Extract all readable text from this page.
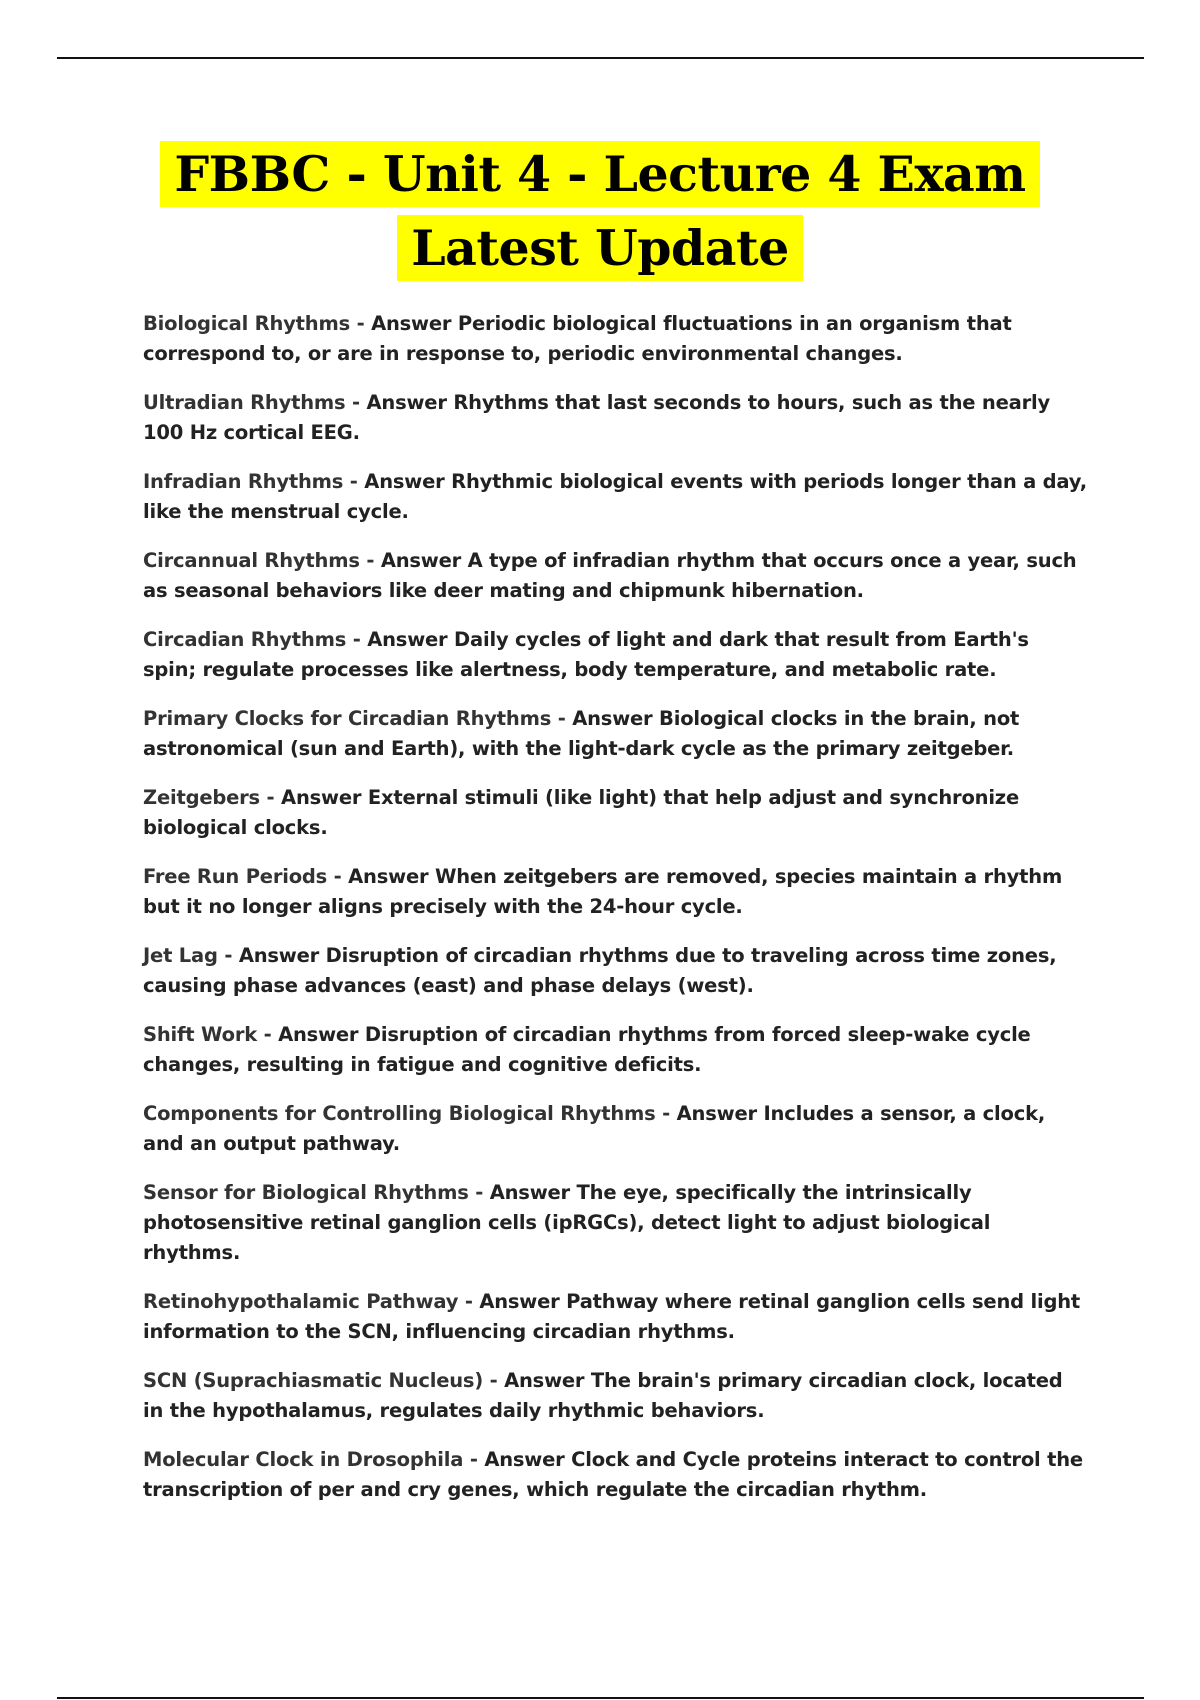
FBBC - Unit 4 - Lecture 4 Exam
Latest Update

Biological Rhythms - Answer Periodic biological fluctuations in an organism that correspond to, or are in response to, periodic environmental changes.

Ultradian Rhythms - Answer Rhythms that last seconds to hours, such as the nearly 100 Hz cortical EEG.

Infradian Rhythms - Answer Rhythmic biological events with periods longer than a day, like the menstrual cycle.

Circannual Rhythms - Answer A type of infradian rhythm that occurs once a year, such as seasonal behaviors like deer mating and chipmunk hibernation.

Circadian Rhythms - Answer Daily cycles of light and dark that result from Earth's spin; regulate processes like alertness, body temperature, and metabolic rate.

Primary Clocks for Circadian Rhythms - Answer Biological clocks in the brain, not astronomical (sun and Earth), with the light-dark cycle as the primary zeitgeber.

Zeitgebers - Answer External stimuli (like light) that help adjust and synchronize biological clocks.

Free Run Periods - Answer When zeitgebers are removed, species maintain a rhythm but it no longer aligns precisely with the 24-hour cycle.

Jet Lag - Answer Disruption of circadian rhythms due to traveling across time zones, causing phase advances (east) and phase delays (west).

Shift Work - Answer Disruption of circadian rhythms from forced sleep-wake cycle changes, resulting in fatigue and cognitive deficits.

Components for Controlling Biological Rhythms - Answer Includes a sensor, a clock, and an output pathway.

Sensor for Biological Rhythms - Answer The eye, specifically the intrinsically photosensitive retinal ganglion cells (ipRGCs), detect light to adjust biological rhythms.

Retinohypothalamic Pathway - Answer Pathway where retinal ganglion cells send light information to the SCN, influencing circadian rhythms.

SCN (Suprachiasmatic Nucleus) - Answer The brain's primary circadian clock, located in the hypothalamus, regulates daily rhythmic behaviors.

Molecular Clock in Drosophila - Answer Clock and Cycle proteins interact to control the transcription of per and cry genes, which regulate the circadian rhythm.
